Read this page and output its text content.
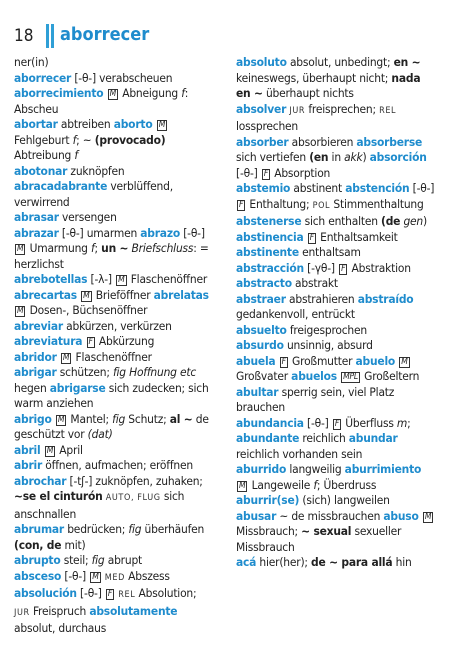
18 aborrecer

ner(in)

aborrecer [-θ-] verabscheuen aborrecimiento M Abneigung f: Abscheu

abortar abtreiben aborto M Fehlgeburt f; ~ (provocado) Abtreibung f

abotonar zuknöpfen

abracadabrante verblüffend, verwirrend

abrasar versengen

abrazar [-θ-] umarmen abrazo [-θ-] M Umarmung f; un ~ Briefschluss: = herzlichst

abrebotellas [-λ-] M Flaschenöffner abrecartas M Brieföffner abrelatas M Dosen-, Büchsenöffner

abreviar abkürzen, verkürzen abreviatura F Abkürzung

abridor M Flaschenöffner

abrigar schützen; fig Hoffnung etc hegen abrigarse sich zudecken; sich warm anziehen

abrigo M Mantel; fig Schutz; al ~ de geschützt vor (dat)

abril M April

abrir öffnen, aufmachen; eröffnen

abrochar [-tʃ-] zuknöpfen, zuhaken; ~se el cinturón AUTO, FLUG sich anschnallen

abrumar bedrücken; fig überhäufen (con, de mit)

abrupto steil; fig abrupt

absceso [-θ-] M MED Abszess

absolución [-θ-] F REL Absolution; JUR Freispruch absolutamente absolut, durchaus

absoluto absolut, unbedingt; en ~ keineswegs, überhaupt nicht; nada en ~ überhaupt nichts

absolver JUR freisprechen; REL lossprechen

absorber absorbieren absorberse sich vertiefen (en in akk) absorción [-θ-] F Absorption

abstemio abstinent abstención [-θ-] F Enthaltung; POL Stimmenthaltung abstenerse sich enthalten (de gen)

abstinencia F Enthaltsamkeit abstinente enthaltsam

abstracción [-γθ-] F Abstraktion abstracto abstrakt

abstraer abstrahieren abstraído gedankenvoll, entrückt

absuelto freigesprochen

absurdo unsinnig, absurd

abuela F Großmutter abuelo M Großvater abuelos MPL Großeltern

abultar sperrig sein, viel Platz brauchen

abundancia [-θ-] F Überfluss m; abundante reichlich abundar reichlich vorhanden sein

aburrido langweilig aburrimiento M Langeweile f; Überdruss aburrir(se) (sich) langweilen

abusar ~ de missbrauchen abuso M Missbrauch; ~ sexual sexueller Missbrauch

acá hier(her); de ~ para allá hin
